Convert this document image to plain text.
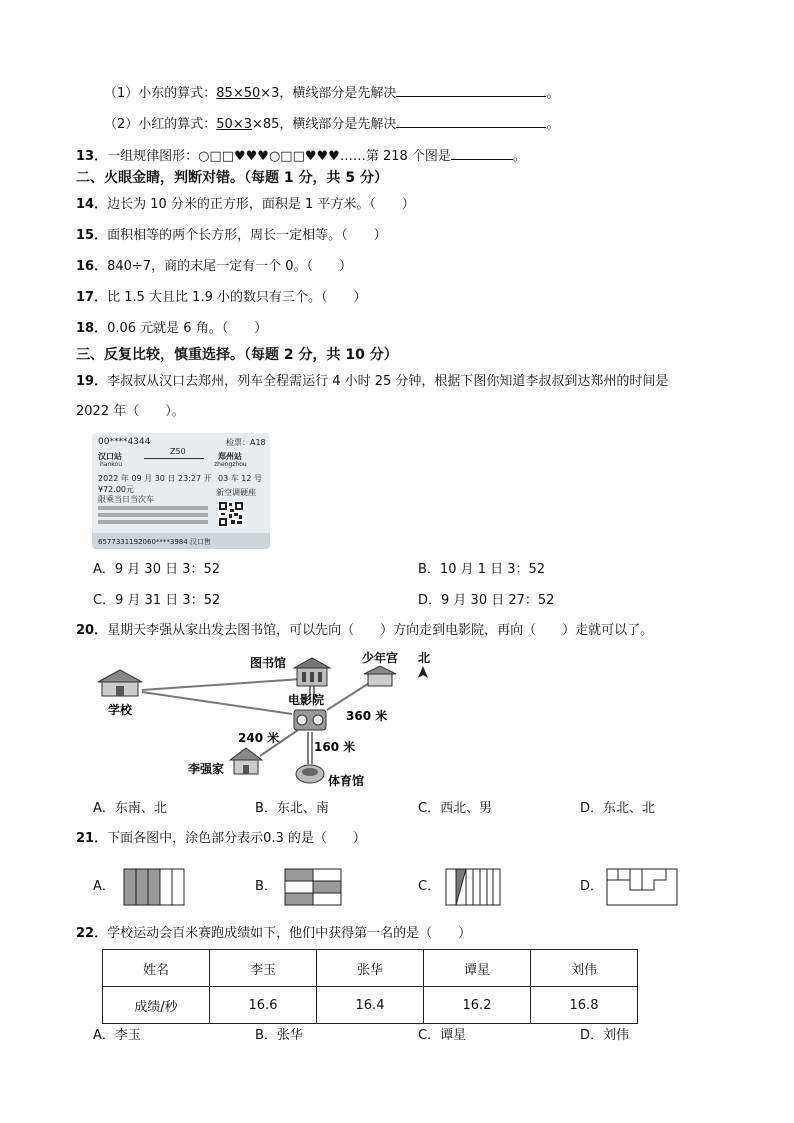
（1）小东的算式：85×50×3，横线部分是先解决	。
（2）小红的算式：50×3×85，横线部分是先解决	。
13．一组规律图形：○□□♥♥♥○□□♥♥♥……第 218 个图是	。
二、火眼金睛，判断对错。（每题 1 分，共 5 分）
14．边长为 10 分米的正方形，面积是 1 平方米。（　　）
15．面积相等的两个长方形，周长一定相等。（　　）
16．840÷7，商的末尾一定有一个 0。（　　）
17．比 1.5 大且比 1.9 小的数只有三个。（　　）
18．0.06 元就是 6 角。（　　）
三、反复比较，慎重选择。（每题 2 分，共 10 分）
19．李叔叔从汉口去郑州，列车全程需运行 4 小时 25 分钟，根据下图你知道李叔叔到达郑州的时间是
2022 年（　　）。
00****4344	检票：A18
汉口站
hankou
Z50
郑州站
zhengzhou
2022 年 09 月 30 日 23:27 开 03 车 12 号
¥72.00元	新空调硬座
限乘当日当次车
6577331192060****3984 汉口售
A．9 月 30 日 3：52	B．10 月 1 日 3：52
C．9 月 31 日 3：52	D．9 月 30 日 27：52
20．星期天李强从家出发去图书馆，可以先向（　　）方向走到电影院，再向（　　）走就可以了。
学校
图书馆	少年宫 北
电影院
360 米
240 米
160 米
李强家
体育馆
A．东南、北	B．东北、南	C．西北、男	D．东北、北
21．下面各图中，涂色部分表示0.3 的是（　　）
A．	B．	C．	D．
22．学校运动会百米赛跑成绩如下，他们中获得第一名的是（　　）
姓名	李玉	张华	谭星	刘伟
成绩/秒	16.6	16.4	16.2	16.8
A．李玉	B．张华	C．谭星	D．刘伟
